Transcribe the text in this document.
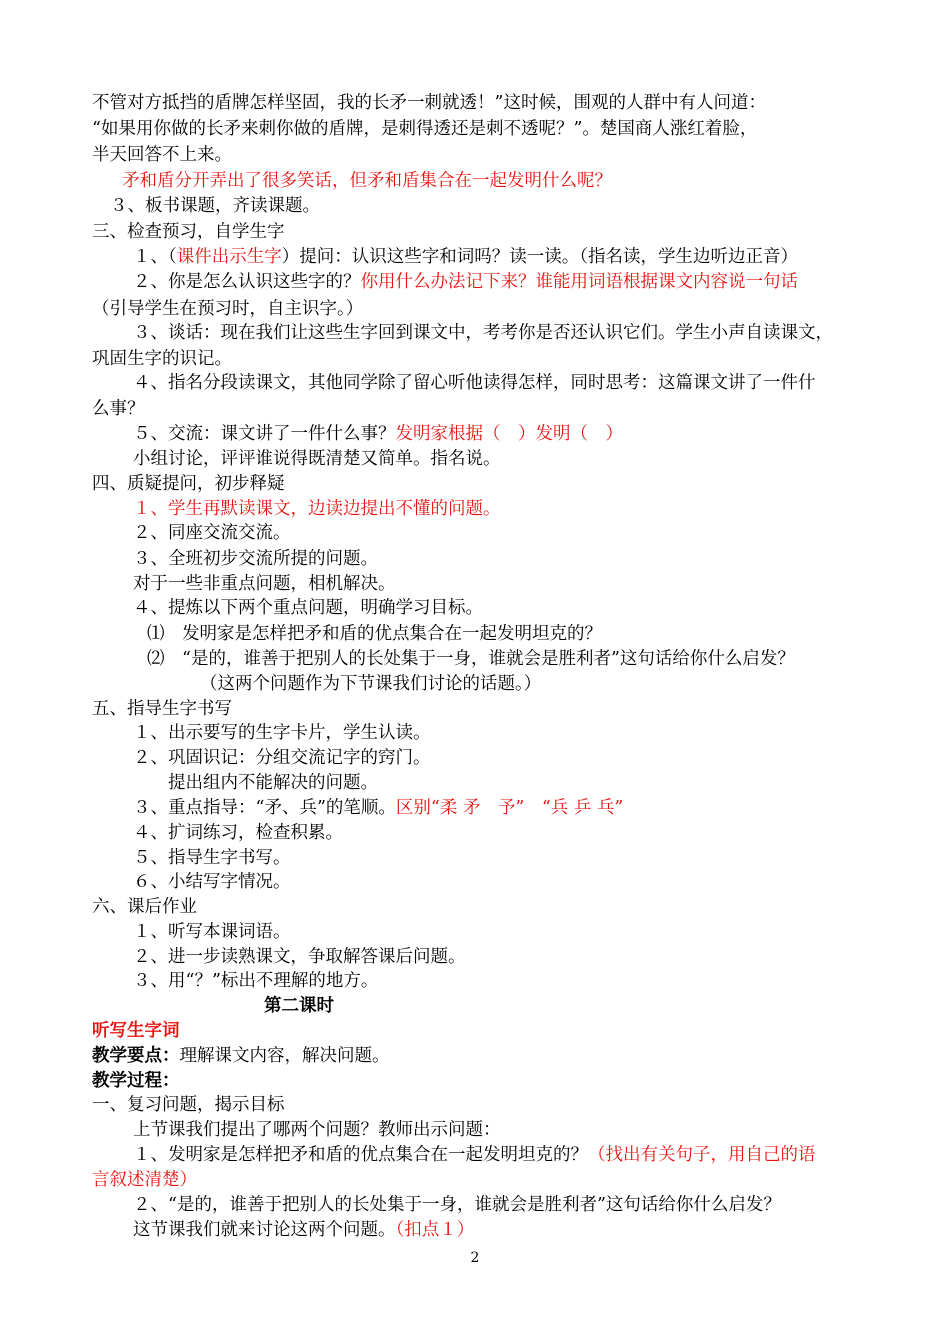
不管对方抵挡的盾牌怎样坚固，我的长矛一刺就透！”这时候，围观的人群中有人问道：
“如果用你做的长矛来刺你做的盾牌，是刺得透还是刺不透呢？”。楚国商人涨红着脸，
半天回答不上来。
矛和盾分开弄出了很多笑话，但矛和盾集合在一起发明什么呢？
３、板书课题，齐读课题。
三、检查预习，自学生字
１、（课件出示生字）提问：认识这些字和词吗？读一读。（指名读，学生边听边正音）
２、你是怎么认识这些字的？你用什么办法记下来？谁能用词语根据课文内容说一句话
（引导学生在预习时，自主识字。）
３、谈话：现在我们让这些生字回到课文中，考考你是否还认识它们。学生小声自读课文，
巩固生字的识记。
４、指名分段读课文，其他同学除了留心听他读得怎样，同时思考：这篇课文讲了一件什
么事？
５、交流：课文讲了一件什么事？发明家根据（　）发明（　）
小组讨论，评评谁说得既清楚又简单。指名说。
四、质疑提问，初步释疑
１、学生再默读课文，边读边提出不懂的问题。
２、同座交流交流。
３、全班初步交流所提的问题。
对于一些非重点问题，相机解决。
４、提炼以下两个重点问题，明确学习目标。
⑴　发明家是怎样把矛和盾的优点集合在一起发明坦克的？
⑵　“是的，谁善于把别人的长处集于一身，谁就会是胜利者”这句话给你什么启发？
（这两个问题作为下节课我们讨论的话题。）
五、指导生字书写
１、出示要写的生字卡片，学生认读。
２、巩固识记：分组交流记字的窍门。
提出组内不能解决的问题。
３、重点指导：“矛、兵”的笔顺。区别“柔 矛　予”　“兵 乒 乓”
４、扩词练习，检查积累。
５、指导生字书写。
６、小结写字情况。
六、课后作业
１、听写本课词语。
２、进一步读熟课文，争取解答课后问题。
３、用“？”标出不理解的地方。
第二课时
听写生字词
教学要点：理解课文内容，解决问题。
教学过程：
一、复习问题，揭示目标
上节课我们提出了哪两个问题？教师出示问题：
１、发明家是怎样把矛和盾的优点集合在一起发明坦克的？（找出有关句子，用自己的语
言叙述清楚）
２、“是的，谁善于把别人的长处集于一身，谁就会是胜利者”这句话给你什么启发？
这节课我们就来讨论这两个问题。（扣点１）
2
